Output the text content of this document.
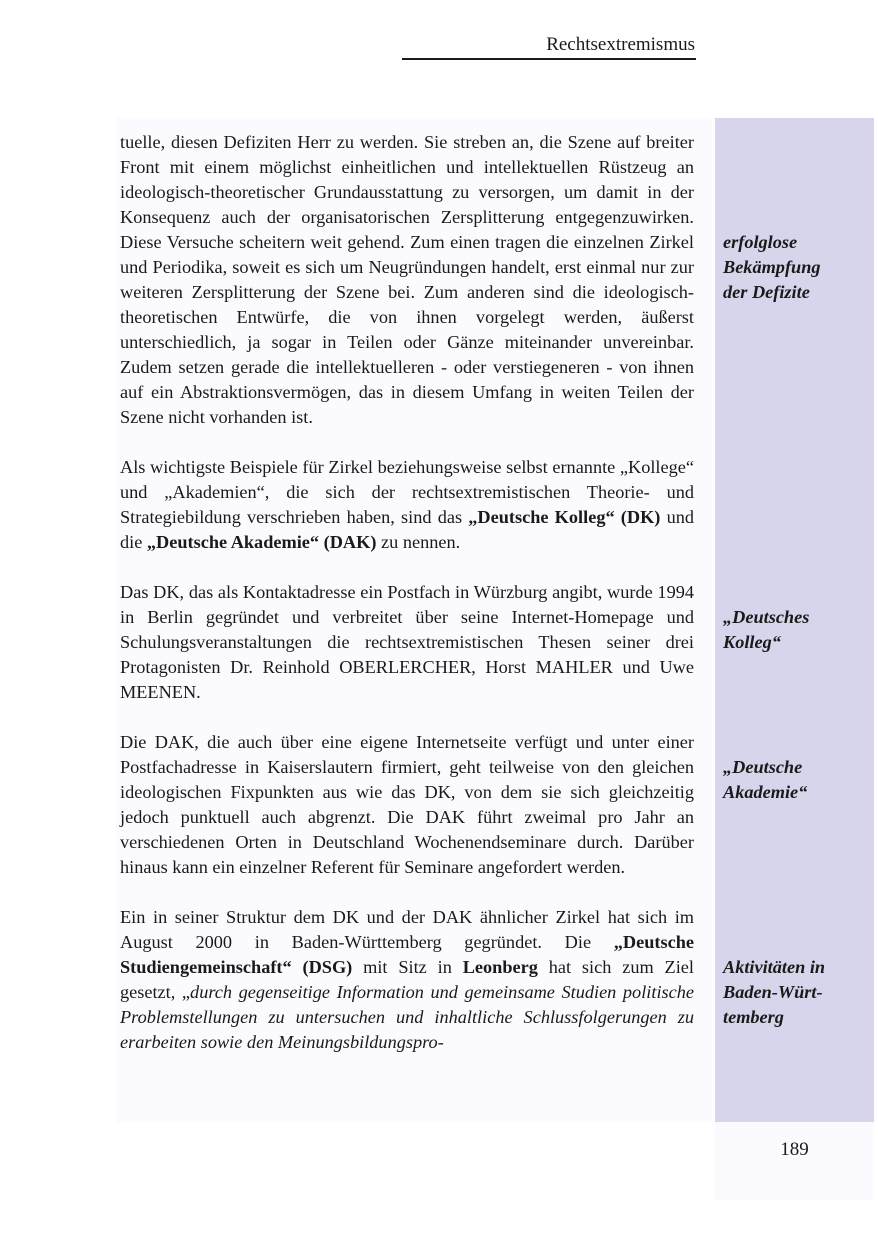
Rechtsextremismus
189

tuelle, diesen Defiziten Herr zu werden. Sie streben an, die Szene auf breiter Front mit einem möglichst einheitlichen und intellektuellen Rüstzeug an ideologisch-theoretischer Grundausstattung zu versorgen, um damit in der Konsequenz auch der organisatorischen Zersplitterung entgegenzuwirken. Diese Versuche scheitern weit gehend. Zum einen tragen die einzelnen Zirkel und Periodika, soweit es sich um Neugründungen handelt, erst einmal nur zur weiteren Zersplitterung der Szene bei. Zum anderen sind die ideologisch-theoretischen Entwürfe, die von ihnen vorgelegt werden, äußerst unterschiedlich, ja sogar in Teilen oder Gänze miteinander unvereinbar. Zudem setzen gerade die intellektuelleren - oder verstiegeneren - von ihnen auf ein Abstraktionsvermögen, das in diesem Umfang in weiten Teilen der Szene nicht vorhanden ist.

Als wichtigste Beispiele für Zirkel beziehungsweise selbst ernannte „Kollege“ und „Akademien“, die sich der rechtsextremistischen Theorie- und Strategiebildung verschrieben haben, sind das „Deutsche Kolleg“ (DK) und die „Deutsche Akademie“ (DAK) zu nennen.

Das DK, das als Kontaktadresse ein Postfach in Würzburg angibt, wurde 1994 in Berlin gegründet und verbreitet über seine Internet-Homepage und Schulungsveranstaltungen die rechtsextremistischen Thesen seiner drei Protagonisten Dr. Reinhold OBERLERCHER, Horst MAHLER und Uwe MEENEN.

Die DAK, die auch über eine eigene Internetseite verfügt und unter einer Postfachadresse in Kaiserslautern firmiert, geht teilweise von den gleichen ideologischen Fixpunkten aus wie das DK, von dem sie sich gleichzeitig jedoch punktuell auch abgrenzt. Die DAK führt zweimal pro Jahr an verschiedenen Orten in Deutschland Wochenendseminare durch. Darüber hinaus kann ein einzelner Referent für Seminare angefordert werden.

Ein in seiner Struktur dem DK und der DAK ähnlicher Zirkel hat sich im August 2000 in Baden-Württemberg gegründet. Die „Deutsche Studiengemeinschaft“ (DSG) mit Sitz in Leonberg hat sich zum Ziel gesetzt, „durch gegenseitige Information und gemeinsame Studien politische Problemstellungen zu untersuchen und inhaltliche Schlussfolgerungen zu erarbeiten sowie den Meinungsbildungspro-

erfolglose
Bekämpfung
der Defizite
„Deutsches
Kolleg“
„Deutsche
Akademie“
Aktivitäten in
Baden-Würt-
temberg
